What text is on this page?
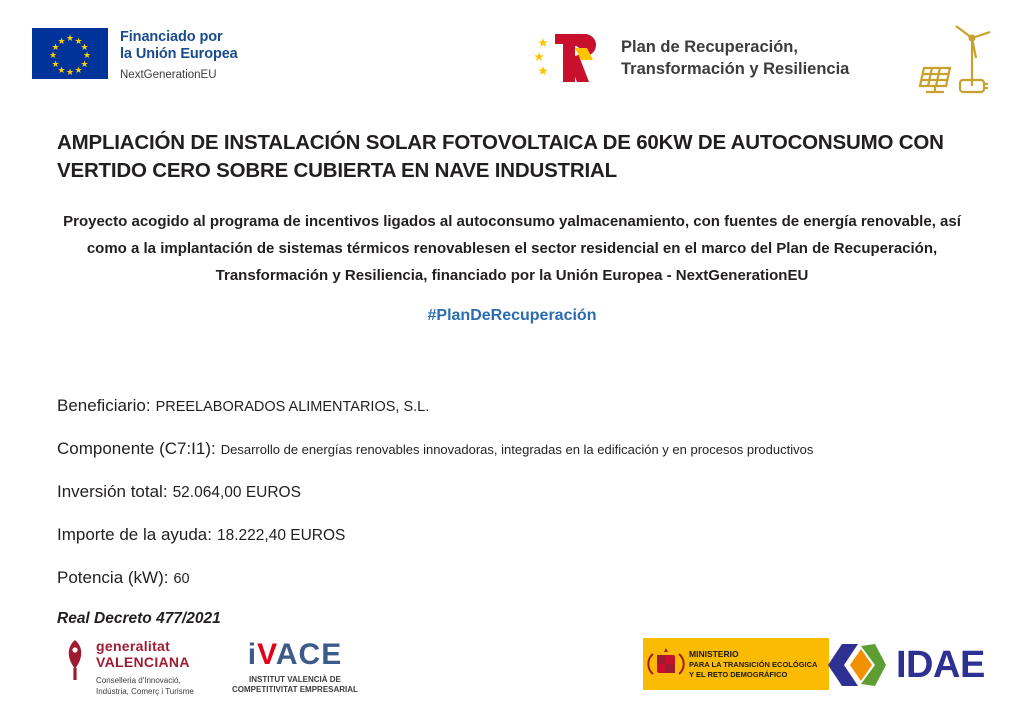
★ ★
★
★
★
★
★
★
★
★
★
★	Financiado por
la Unión Europea
NextGenerationEU
Plan de Recuperación,
Transformación y Resiliencia
AMPLIACIÓN DE INSTALACIÓN SOLAR FOTOVOLTAICA DE 60KW DE AUTOCONSUMO CON VERTIDO CERO SOBRE CUBIERTA EN NAVE INDUSTRIAL
Proyecto acogido al programa de incentivos ligados al autoconsumo yalmacenamiento, con fuentes de energía renovable, así como a la implantación de sistemas térmicos renovablesen el sector residencial en el marco del Plan de Recuperación, Transformación y Resiliencia, financiado por la Unión Europea - NextGenerationEU
#PlanDeRecuperación
Beneficiario: PREELABORADOS ALIMENTARIOS, S.L.
Componente (C7:I1): Desarrollo de energías renovables innovadoras, integradas en la edificación y en procesos productivos
Inversión total: 52.064,00 EUROS
Importe de la ayuda: 18.222,40 EUROS
Potencia (kW): 60
Real Decreto 477/2021
generalitat
VALENCIANA
Conselleria d'Innovació,
Indústria, Comerç i Turisme
iVACE
INSTITUT VALENCIÀ DE
COMPETITIVITAT EMPRESARIAL
MINISTERIO
PARA LA TRANSICIÓN ECOLÓGICA
Y EL RETO DEMOGRÁFICO	IDAE
